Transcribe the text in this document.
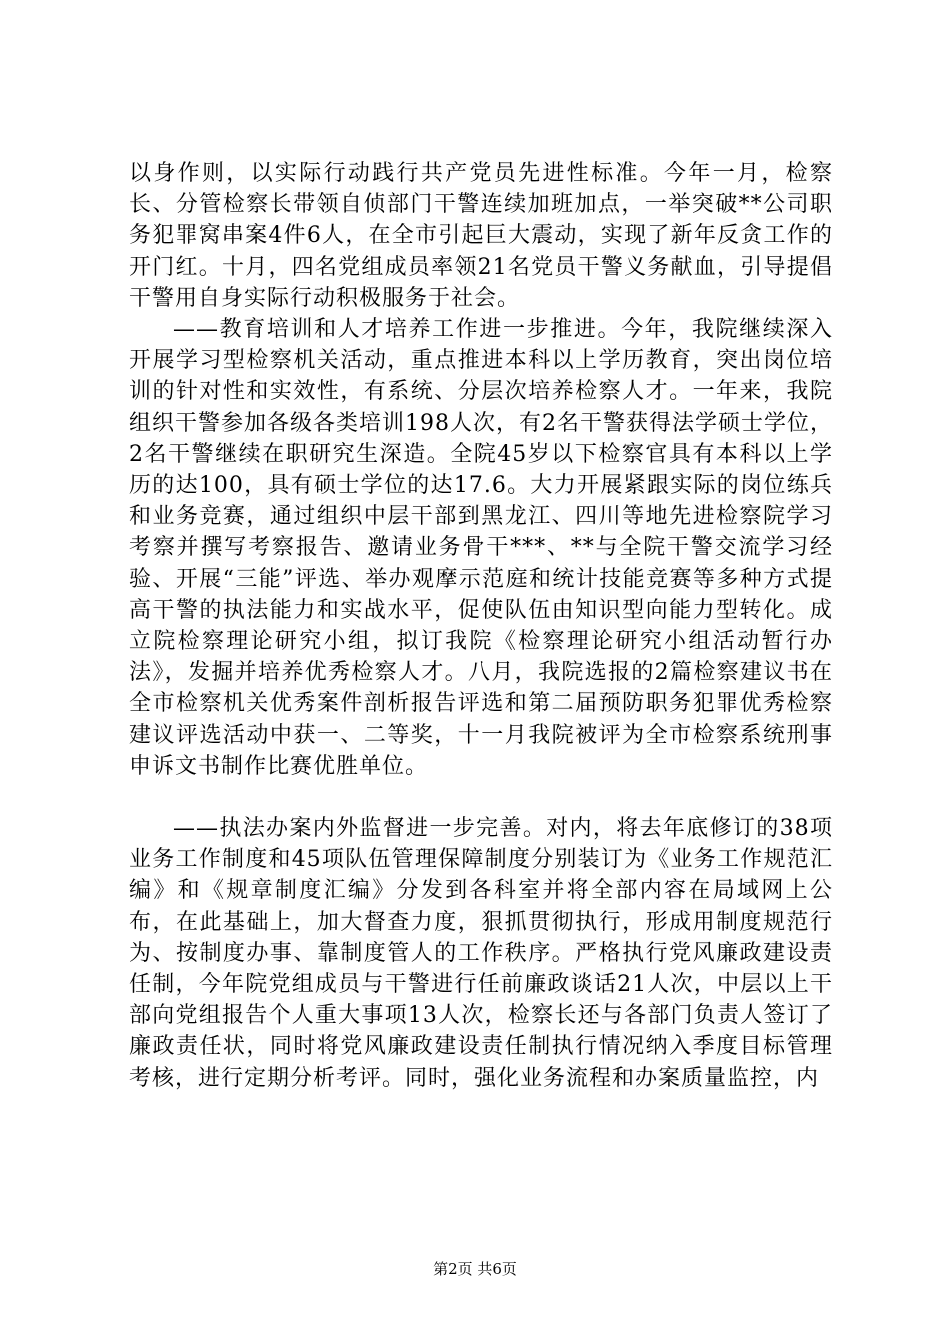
以身作则，以实际行动践行共产党员先进性标准。今年一月，检察长、分管检察长带领自侦部门干警连续加班加点，一举突破**公司职务犯罪窝串案4件6人，在全市引起巨大震动，实现了新年反贪工作的开门红。十月，四名党组成员率领21名党员干警义务献血，引导提倡干警用自身实际行动积极服务于社会。

——教育培训和人才培养工作进一步推进。今年，我院继续深入开展学习型检察机关活动，重点推进本科以上学历教育，突出岗位培训的针对性和实效性，有系统、分层次培养检察人才。一年来，我院组织干警参加各级各类培训198人次，有2名干警获得法学硕士学位，2名干警继续在职研究生深造。全院45岁以下检察官具有本科以上学历的达100，具有硕士学位的达17.6。大力开展紧跟实际的岗位练兵和业务竞赛，通过组织中层干部到黑龙江、四川等地先进检察院学习考察并撰写考察报告、邀请业务骨干***、**与全院干警交流学习经验、开展“三能”评选、举办观摩示范庭和统计技能竞赛等多种方式提高干警的执法能力和实战水平，促使队伍由知识型向能力型转化。成立院检察理论研究小组，拟订我院《检察理论研究小组活动暂行办法》，发掘并培养优秀检察人才。八月，我院选报的2篇检察建议书在全市检察机关优秀案件剖析报告评选和第二届预防职务犯罪优秀检察建议评选活动中获一、二等奖，十一月我院被评为全市检察系统刑事申诉文书制作比赛优胜单位。

——执法办案内外监督进一步完善。对内，将去年底修订的38项业务工作制度和45项队伍管理保障制度分别装订为《业务工作规范汇编》和《规章制度汇编》分发到各科室并将全部内容在局域网上公布，在此基础上，加大督查力度，狠抓贯彻执行，形成用制度规范行为、按制度办事、靠制度管人的工作秩序。严格执行党风廉政建设责任制，今年院党组成员与干警进行任前廉政谈话21人次，中层以上干部向党组报告个人重大事项13人次，检察长还与各部门负责人签订了廉政责任状，同时将党风廉政建设责任制执行情况纳入季度目标管理考核，进行定期分析考评。同时，强化业务流程和办案质量监控，内

第2页 共6页
